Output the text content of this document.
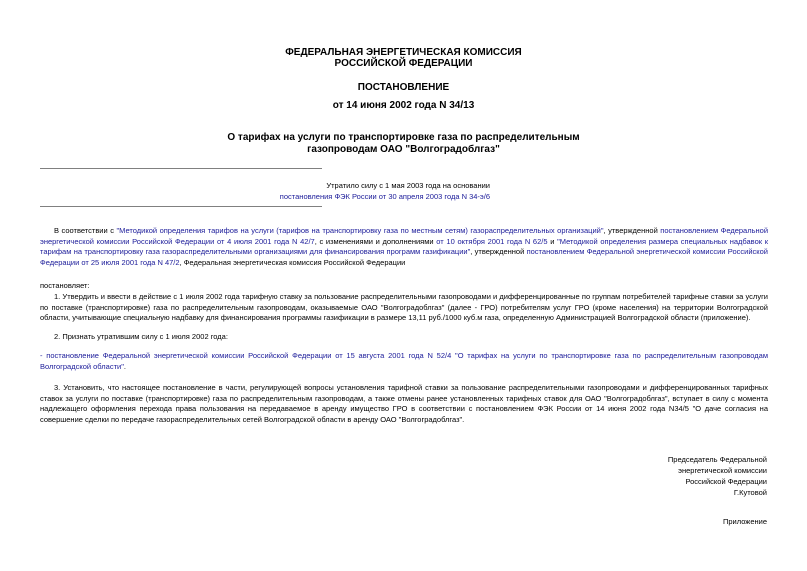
ФЕДЕРАЛЬНАЯ ЭНЕРГЕТИЧЕСКАЯ КОМИССИЯ
РОССИЙСКОЙ ФЕДЕРАЦИИ
ПОСТАНОВЛЕНИЕ
от 14 июня 2002 года N 34/13
О тарифах на услуги по транспортировке газа по распределительным
газопроводам ОАО "Волгоградоблгаз"
Утратило силу с 1 мая 2003 года на основании
постановления ФЭК России от 30 апреля 2003 года N 34-э/6
В соответствии с "Методикой определения тарифов на услуги (тарифов на транспортировку газа по местным сетям) газораспределительных организаций", утвержденной постановлением Федеральной энергетической комиссии Российской Федерации от 4 июля 2001 года N 42/7, с изменениями и дополнениями от 10 октября 2001 года N 62/5 и "Методикой определения размера специальных надбавок к тарифам на транспортировку газа газораспределительными организациями для финансирования программ газификации", утвержденной постановлением Федеральной энергетической комиссии Российской Федерации от 25 июля 2001 года N 47/2, Федеральная энергетическая комиссия Российской Федерации
постановляет:
1. Утвердить и ввести в действие с 1 июля 2002 года тарифную ставку за пользование распределительными газопроводами и дифференцированные по группам потребителей тарифные ставки за услуги по поставке (транспортировке) газа по распределительным газопроводам, оказываемые ОАО "Волгоградоблгаз" (далее - ГРО) потребителям услуг ГРО (кроме населения) на территории Волгоградской области, учитывающие специальную надбавку для финансирования программы газификации в размере 13,11 руб./1000 куб.м газа, определенную Администрацией Волгоградской области (приложение).
2. Признать утратившим силу с 1 июля 2002 года:
- постановление Федеральной энергетической комиссии Российской Федерации от 15 августа 2001 года N 52/4 "О тарифах на услуги по транспортировке газа по распределительным газопроводам Волгоградской области".
3. Установить, что настоящее постановление в части, регулирующей вопросы установления тарифной ставки за пользование распределительными газопроводами и дифференцированных тарифных ставок за услуги по поставке (транспортировке) газа по распределительным газопроводам, а также отмены ранее установленных тарифных ставок для ОАО "Волгоградоблгаз", вступает в силу с момента надлежащего оформления перехода права пользования на передаваемое в аренду имущество ГРО в соответствии с постановлением ФЭК России от 14 июня 2002 года N34/5 "О даче согласия на совершение сделки по передаче газораспределительных сетей Волгоградской области в аренду ОАО "Волгоградоблгаз".
Председатель Федеральной
энергетической комиссии
Российской Федерации
Г.Кутовой
Приложение
